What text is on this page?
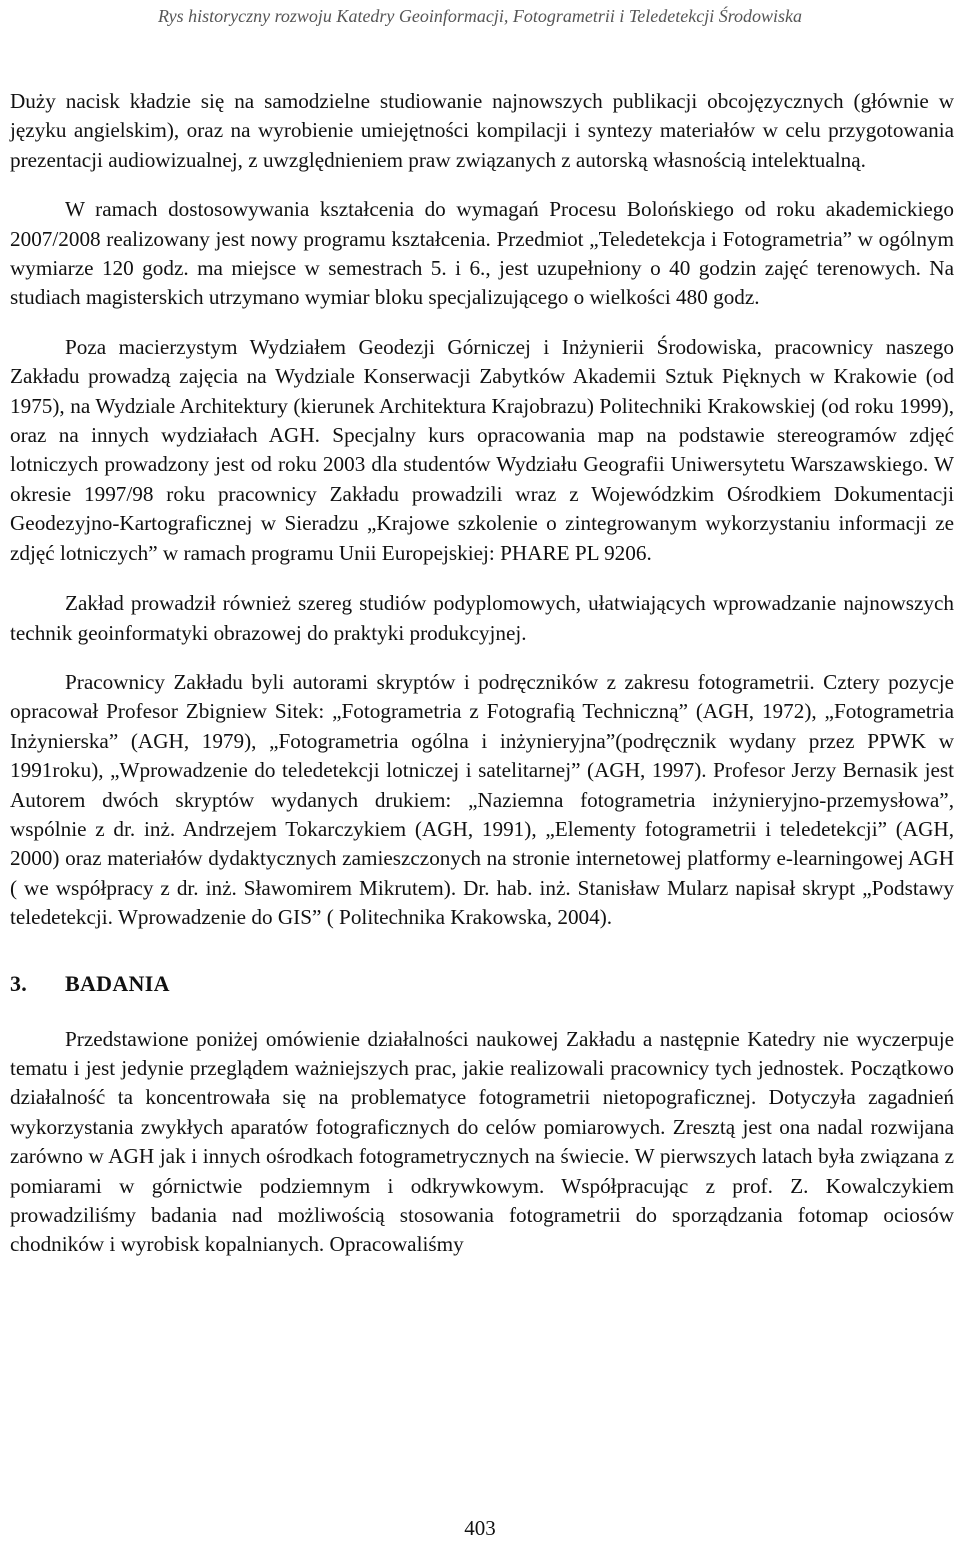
Rys historyczny rozwoju Katedry Geoinformacji, Fotogrametrii i Teledetekcji Środowiska

Duży nacisk kładzie się na samodzielne studiowanie najnowszych publikacji obcojęzycznych (głównie w języku angielskim), oraz na wyrobienie umiejętności kompilacji i syntezy materiałów w celu przygotowania prezentacji audiowizualnej, z uwzględnieniem praw związanych z autorską własnością intelektualną.

W ramach dostosowywania kształcenia do wymagań Procesu Bolońskiego od roku akademickiego 2007/2008 realizowany jest nowy programu kształcenia. Przedmiot „Teledetekcja i Fotogrametria” w ogólnym wymiarze 120 godz. ma miejsce w semestrach 5. i 6., jest uzupełniony o 40 godzin zajęć terenowych. Na studiach magisterskich utrzymano wymiar bloku specjalizującego o wielkości 480 godz.

Poza macierzystym Wydziałem Geodezji Górniczej i Inżynierii Środowiska, pracownicy naszego Zakładu prowadzą zajęcia na Wydziale Konserwacji Zabytków Akademii Sztuk Pięknych w Krakowie (od 1975), na Wydziale Architektury (kierunek Architektura Krajobrazu) Politechniki Krakowskiej (od roku 1999), oraz na innych wydziałach AGH. Specjalny kurs opracowania map na podstawie stereogramów zdjęć lotniczych prowadzony jest od roku 2003 dla studentów Wydziału Geografii Uniwersytetu Warszawskiego. W okresie 1997/98 roku pracownicy Zakładu prowadzili wraz z Wojewódzkim Ośrodkiem Dokumentacji Geodezyjno-Kartograficznej w Sieradzu „Krajowe szkolenie o zintegrowanym wykorzystaniu informacji ze zdjęć lotniczych” w ramach programu Unii Europejskiej: PHARE PL 9206.

Zakład prowadził również szereg studiów podyplomowych, ułatwiających wprowadzanie najnowszych technik geoinformatyki obrazowej do praktyki produkcyjnej.

Pracownicy Zakładu byli autorami skryptów i podręczników z zakresu fotogrametrii. Cztery pozycje opracował Profesor Zbigniew Sitek: „Fotogrametria z Fotografią Techniczną” (AGH, 1972), „Fotogrametria Inżynierska” (AGH, 1979), „Fotogrametria ogólna i inżynieryjna”(podręcznik wydany przez PPWK w 1991roku), „Wprowadzenie do teledetekcji lotniczej i satelitarnej” (AGH, 1997). Profesor Jerzy Bernasik jest Autorem dwóch skryptów wydanych drukiem: „Naziemna fotogrametria inżynieryjno-przemysłowa”, wspólnie z dr. inż. Andrzejem Tokarczykiem (AGH, 1991), „Elementy fotogrametrii i teledetekcji” (AGH, 2000) oraz materiałów dydaktycznych zamieszczonych na stronie internetowej platformy e-learningowej AGH ( we współpracy z dr. inż. Sławomirem Mikrutem). Dr. hab. inż. Stanisław Mularz napisał skrypt „Podstawy teledetekcji. Wprowadzenie do GIS” ( Politechnika Krakowska, 2004).

3. BADANIA

Przedstawione poniżej omówienie działalności naukowej Zakładu a następnie Katedry nie wyczerpuje tematu i jest jedynie przeglądem ważniejszych prac, jakie realizowali pracownicy tych jednostek. Początkowo działalność ta koncentrowała się na problematyce fotogrametrii nietopograficznej. Dotyczyła zagadnień wykorzystania zwykłych aparatów fotograficznych do celów pomiarowych. Zresztą jest ona nadal rozwijana zarówno w AGH jak i innych ośrodkach fotogrametrycznych na świecie. W pierwszych latach była związana z pomiarami w górnictwie podziemnym i odkrywkowym. Współpracując z prof. Z. Kowalczykiem prowadziliśmy badania nad możliwością stosowania fotogrametrii do sporządzania fotomap ociosów chodników i wyrobisk kopalnianych. Opracowaliśmy

403
